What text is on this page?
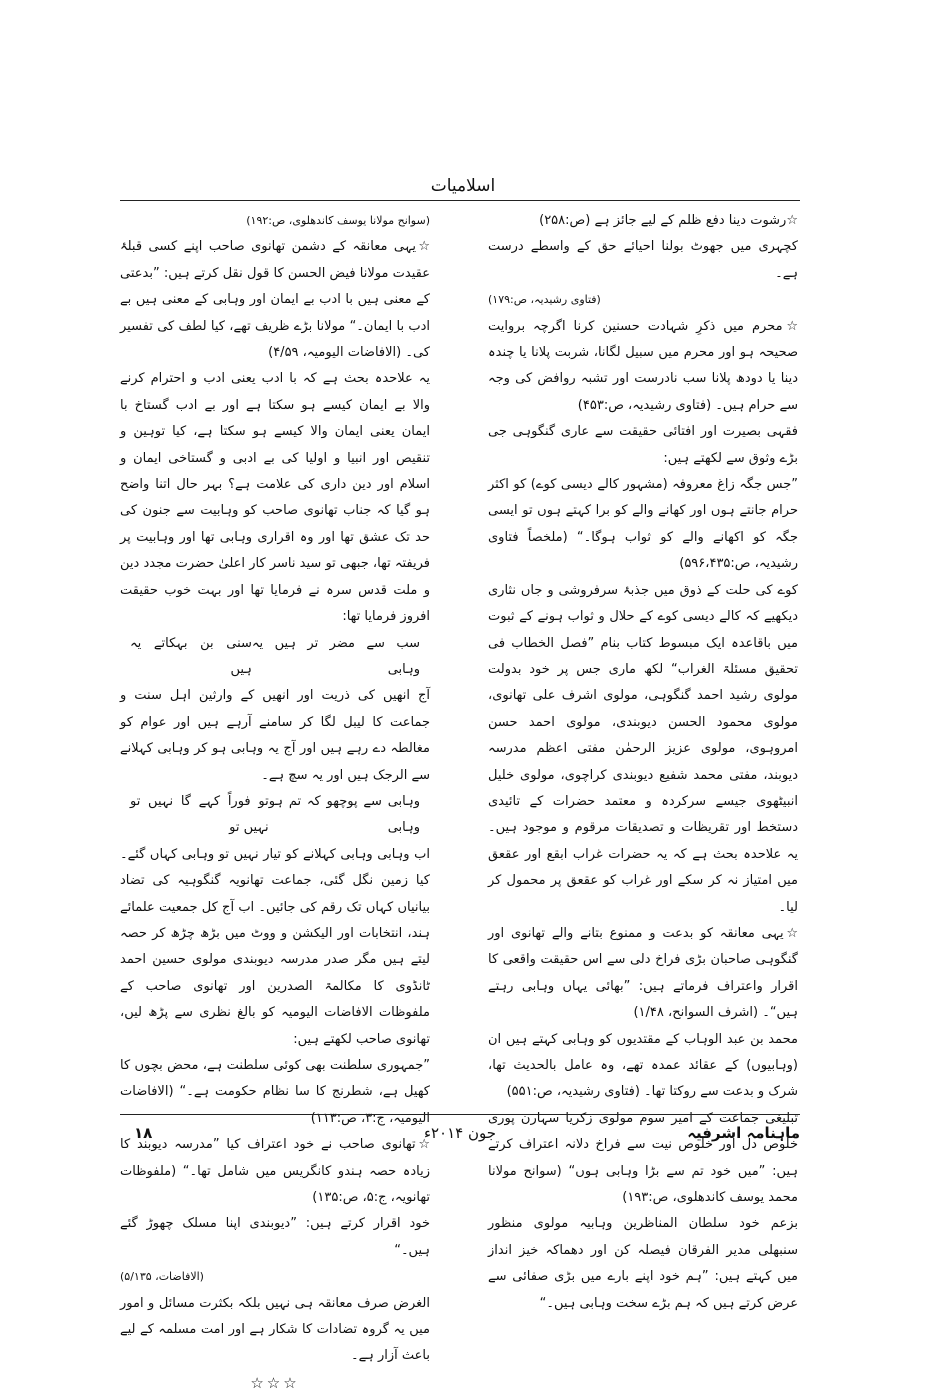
اسلامیات

☆رشوت دینا دفع ظلم کے لیے جائز ہے (ص:۲۵۸)

کچہری میں جھوٹ بولنا احیائے حق کے واسطے درست ہے۔

(فتاوی رشیدیہ، ص:۱۷۹)

☆محرم میں ذکرِ شہادت حسنین کرنا اگرچہ بروایت صحیحہ ہو اور محرم میں سبیل لگانا، شربت پلانا یا چندہ دینا یا دودھ پلانا سب نادرست اور تشبہ روافض کی وجہ سے حرام ہیں۔ (فتاوی رشیدیہ، ص:۴۵۳)

فقہی بصیرت اور افتائی حقیقت سے عاری گنگوہی جی بڑے وثوق سے لکھتے ہیں:

”جس جگہ زاغ معروفہ (مشہور کالے دیسی کوے) کو اکثر حرام جانتے ہوں اور کھانے والے کو برا کہتے ہوں تو ایسی جگہ کو اکھانے والے کو ثواب ہوگا۔“ (ملخصاً فتاوی رشیدیہ، ص:۵۹۶،۴۳۵)

کوے کی حلت کے ذوق میں جذبۂ سرفروشی و جاں نثاری دیکھیے کہ کالے دیسی کوے کے حلال و ثواب ہونے کے ثبوت میں باقاعدہ ایک مبسوط کتاب بنام ”فصل الخطاب فی تحقیق مسئلۃ الغراب“ لکھ ماری جس پر خود بدولت مولوی رشید احمد گنگوہی، مولوی اشرف علی تھانوی، مولوی محمود الحسن دیوبندی، مولوی احمد حسن امروہوی، مولوی عزیز الرحمٰن مفتی اعظم مدرسہ دیوبند، مفتی محمد شفیع دیوبندی کراچوی، مولوی خلیل انبیٹھوی جیسے سرکردہ و معتمد حضرات کے تائیدی دستخط اور تقریظات و تصدیقات مرقوم و موجود ہیں۔ یہ علاحدہ بحث ہے کہ یہ حضرات غراب ابقع اور عقعق میں امتیاز نہ کر سکے اور غراب کو عقعق پر محمول کر لیا۔

☆یہی معانقہ کو بدعت و ممنوع بتانے والے تھانوی اور گنگوہی صاحبان بڑی فراخ دلی سے اس حقیقت واقعی کا اقرار واعتراف فرماتے ہیں: ”بھائی یہاں وہابی رہتے ہیں“۔ (اشرف السوانح، ۱/۴۸)

محمد بن عبد الوہاب کے مقتدیوں کو وہابی کہتے ہیں ان (وہابیوں) کے عقائد عمدہ تھے، وہ عامل بالحدیث تھا، شرک و بدعت سے روکتا تھا۔ (فتاوی رشیدیہ، ص:۵۵۱)

تبلیغی جماعت کے امیر سوم مولوی زکریا سہارن پوری خلوص دل اور خلوص نیت سے فراخ دلانہ اعتراف کرتے ہیں: ”میں خود تم سے بڑا وہابی ہوں“ (سوانح مولانا محمد یوسف کاندھلوی، ص:۱۹۳)

بزعم خود سلطان المناظرین وہابیہ مولوی منظور سنبھلی مدیر الفرقان فیصلہ کن اور دھماکہ خیز انداز میں کہتے ہیں: ”ہم خود اپنے بارے میں بڑی صفائی سے عرض کرتے ہیں کہ ہم بڑے سخت وہابی ہیں۔“

(سوانح مولانا یوسف کاندھلوی، ص:۱۹۲)

☆یہی معانقہ کے دشمن تھانوی صاحب اپنے کسی قبلۂ عقیدت مولانا فیض الحسن کا قول نقل کرتے ہیں: ”بدعتی کے معنی ہیں با ادب بے ایمان اور وہابی کے معنی ہیں بے ادب با ایمان۔“ مولانا بڑے ظریف تھے، کیا لطف کی تفسیر کی۔ (الافاضات الیومیہ، ۴/۵۹)

یہ علاحدہ بحث ہے کہ با ادب یعنی ادب و احترام کرنے والا بے ایمان کیسے ہو سکتا ہے اور بے ادب گستاخ با ایمان یعنی ایمان والا کیسے ہو سکتا ہے، کیا توہین و تنقیص اور انبیا و اولیا کی بے ادبی و گستاخی ایمان و اسلام اور دین داری کی علامت ہے؟ بہر حال اتنا واضح ہو گیا کہ جناب تھانوی صاحب کو وہابیت سے جنون کی حد تک عشق تھا اور وہ اقراری وہابی تھا اور وہابیت پر فریفتہ تھا، جبھی تو سید ناسر کار اعلیٰ حضرت مجدد دین و ملت قدس سرہ نے فرمایا تھا اور بہت خوب حقیقت افروز فرمایا تھا:

سب سے مضر تر ہیں یہ وہابی
سنی بن بہکاتے یہ ہیں

آج انھیں کی ذریت اور انھیں کے وارثین اہل سنت و جماعت کا لیبل لگا کر سامنے آرہے ہیں اور عوام کو مغالطہ دے رہے ہیں اور آج یہ وہابی ہو کر وہابی کہلانے سے الرجک ہیں اور یہ سچ ہے۔

وہابی سے پوچھو کہ تم ہو وہابی
تو فوراً کہے گا نہیں تو نہیں تو

اب وہابی وہابی کہلانے کو تیار نہیں تو وہابی کہاں گئے۔ کیا زمین نگل گئی، جماعت تھانویہ گنگوہیہ کی تضاد بیانیاں کہاں تک رقم کی جائیں۔ اب آج کل جمعیت علمائے ہند، انتخابات اور الیکشن و ووٹ میں بڑھ چڑھ کر حصہ لیتے ہیں مگر صدر مدرسہ دیوبندی مولوی حسین احمد ٹانڈوی کا مکالمۃ الصدرین اور تھانوی صاحب کے ملفوظات الافاضات الیومیہ کو بالغ نظری سے پڑھ لیں، تھانوی صاحب لکھتے ہیں:

”جمہوری سلطنت بھی کوئی سلطنت ہے، محض بچوں کا کھیل ہے، شطرنج کا سا نظام حکومت ہے۔“ (الافاضات الیومیہ، ج:۳، ص:۱۱۳)

☆تھانوی صاحب نے خود اعتراف کیا ”مدرسہ دیوبند کا زیادہ حصہ ہندو کانگریس میں شامل تھا۔“ (ملفوظات تھانویہ، ج:۵، ص:۱۳۵)

خود اقرار کرتے ہیں: ”دیوبندی اپنا مسلک چھوڑ گئے ہیں۔“

(الافاضات، ۵/۱۳۵)

الغرض صرف معانقہ ہی نہیں بلکہ بکثرت مسائل و امور میں یہ گروہ تضادات کا شکار ہے اور امت مسلمہ کے لیے باعث آزار ہے۔

☆☆☆

ماہنامہ اشرفیہ
جون ۲۰۱۴ء
۱۸
